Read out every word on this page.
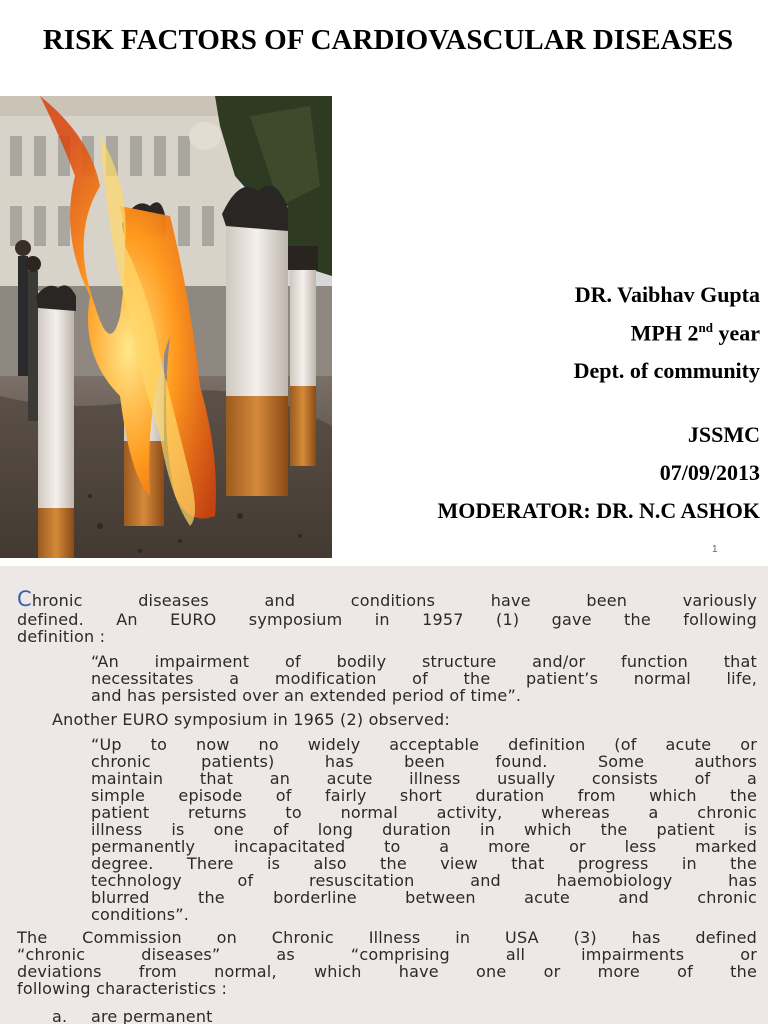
RISK FACTORS OF CARDIOVASCULAR DISEASES
DR. Vaibhav Gupta
MPH 2nd year
Dept. of community
JSSMC
07/09/2013
MODERATOR: DR. N.C ASHOK
1
Chronic diseases and conditions have been variously
defined. An EURO symposium in 1957 (1) gave the following
definition :
“An impairment of bodily structure and/or function that
necessitates a modification of the patient’s normal life,
and has persisted over an extended period of time”.
Another EURO symposium in 1965 (2) observed:
“Up to now no widely acceptable definition (of acute or
chronic patients) has been found. Some authors
maintain that an acute illness usually consists of a
simple episode of fairly short duration from which the
patient returns to normal activity, whereas a chronic
illness is one of long duration in which the patient is
permanently incapacitated to a more or less marked
degree. There is also the view that progress in the
technology of resuscitation and haemobiology has
blurred the borderline between acute and chronic
conditions”.
The Commission on Chronic Illness in USA (3) has defined
“chronic diseases” as “comprising all impairments or
deviations from normal, which have one or more of the
following characteristics :
a. are permanent
